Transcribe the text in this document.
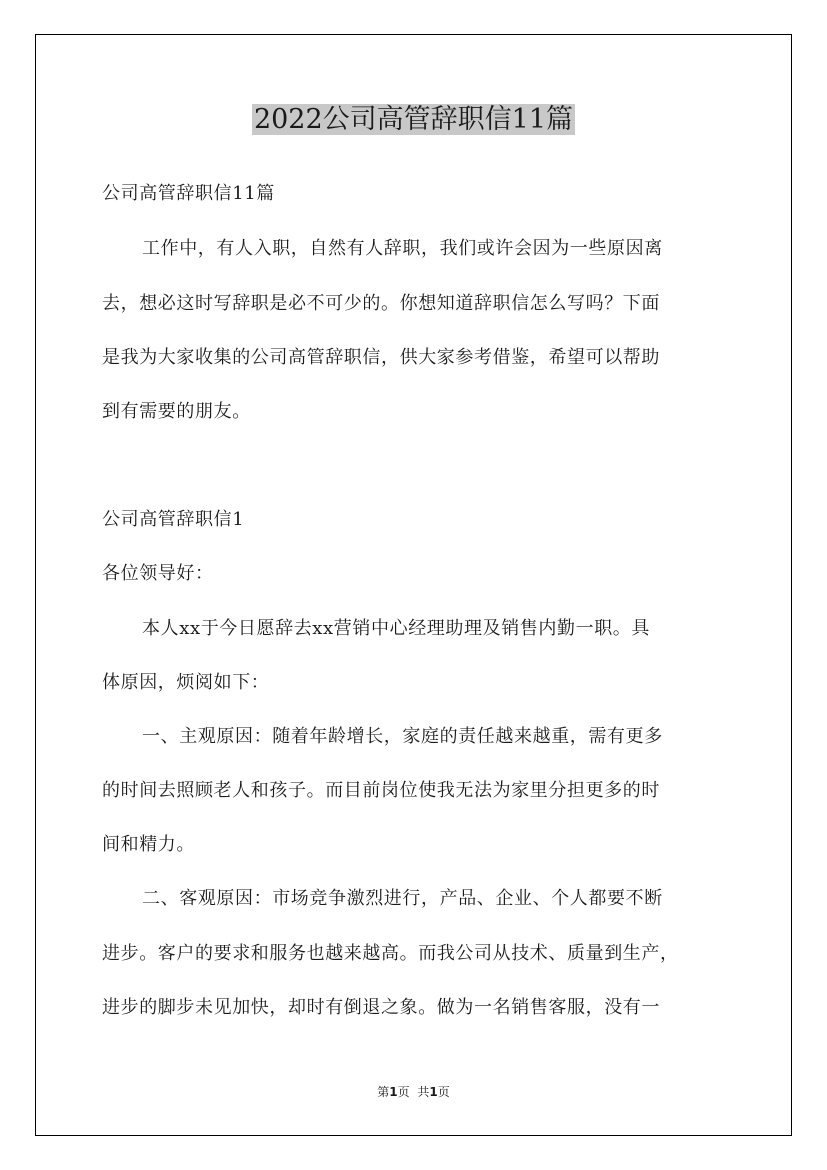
2022公司高管辞职信11篇
公司高管辞职信11篇
工作中，有人入职，自然有人辞职，我们或许会因为一些原因离
去，想必这时写辞职是必不可少的。你想知道辞职信怎么写吗？下面
是我为大家收集的公司高管辞职信，供大家参考借鉴，希望可以帮助
到有需要的朋友。
公司高管辞职信1
各位领导好：
本人xx于今日愿辞去xx营销中心经理助理及销售内勤一职。具
体原因，烦阅如下：
一、主观原因：随着年龄增长，家庭的责任越来越重，需有更多
的时间去照顾老人和孩子。而目前岗位使我无法为家里分担更多的时
间和精力。
二、客观原因：市场竞争激烈进行，产品、企业、个人都要不断
进步。客户的要求和服务也越来越高。而我公司从技术、质量到生产，
进步的脚步未见加快，却时有倒退之象。做为一名销售客服，没有一
第1页 共1页
